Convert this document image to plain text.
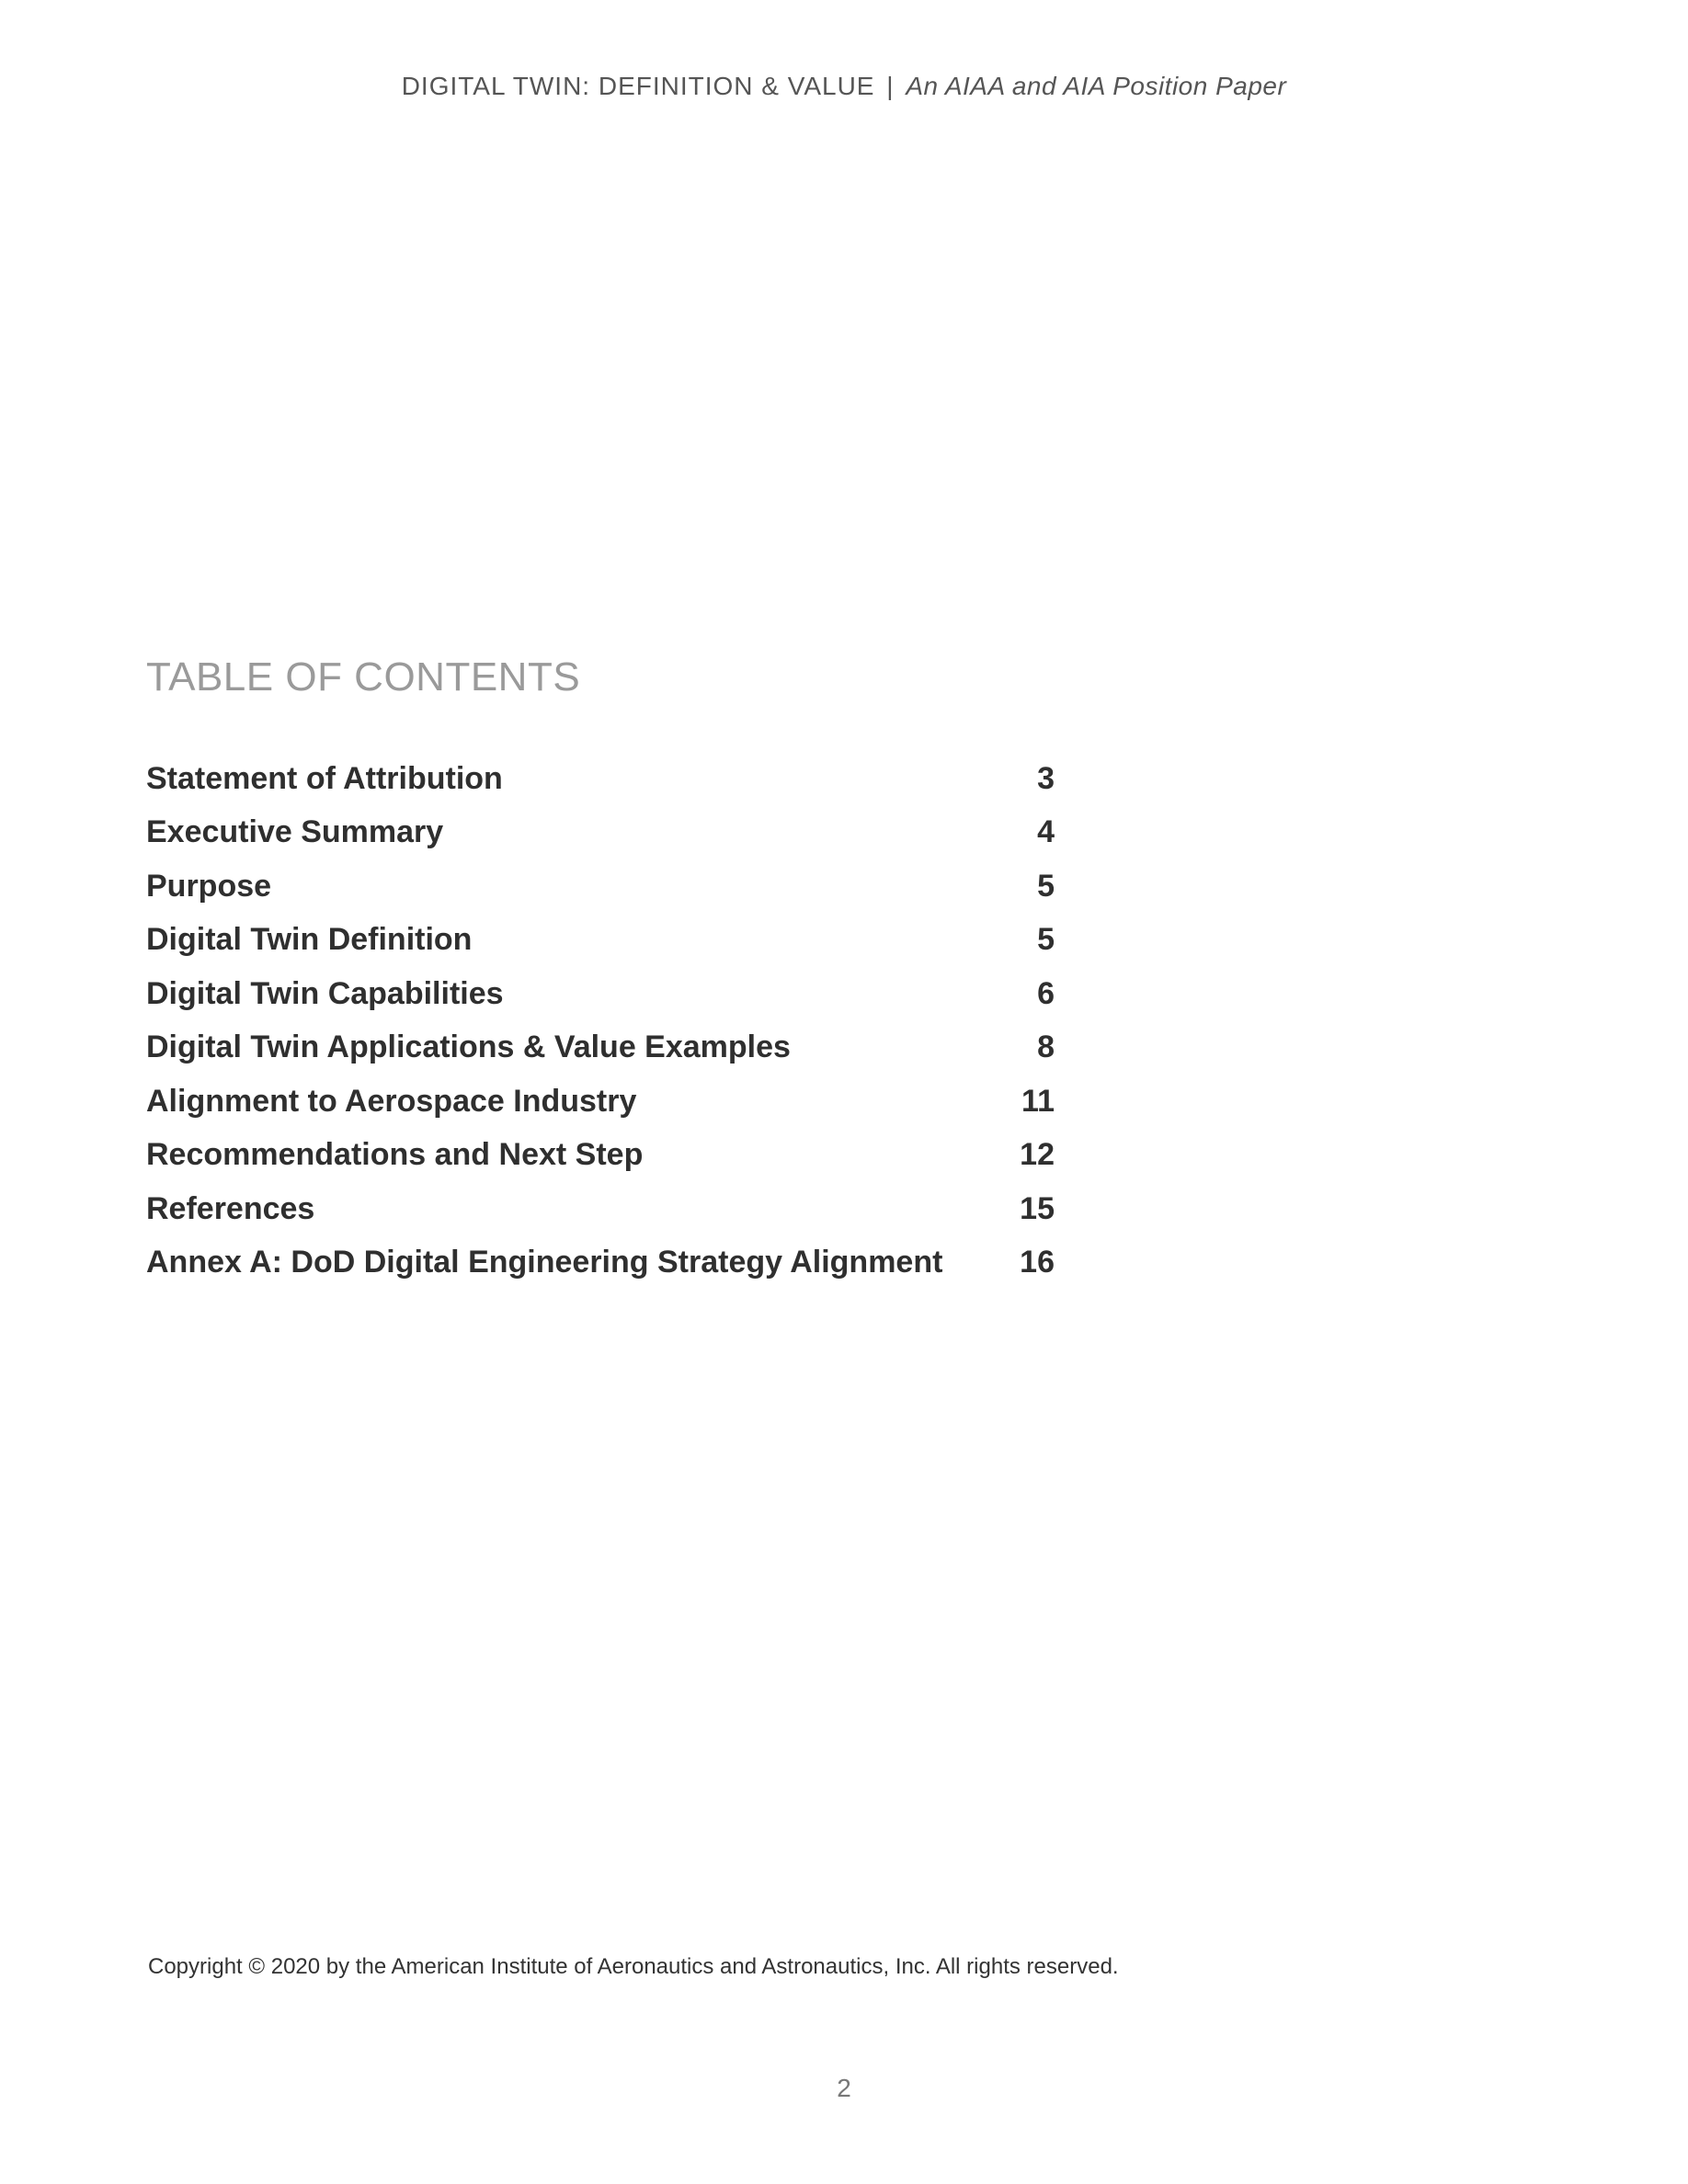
DIGITAL TWIN: DEFINITION & VALUE | An AIAA and AIA Position Paper
TABLE OF CONTENTS
Statement of Attribution	3
Executive Summary	4
Purpose	5
Digital Twin Definition	5
Digital Twin Capabilities	6
Digital Twin Applications & Value Examples	8
Alignment to Aerospace Industry	11
Recommendations and Next Step	12
References	15
Annex A: DoD Digital Engineering Strategy Alignment	16
Copyright © 2020 by the American Institute of Aeronautics and Astronautics, Inc. All rights reserved.
2
